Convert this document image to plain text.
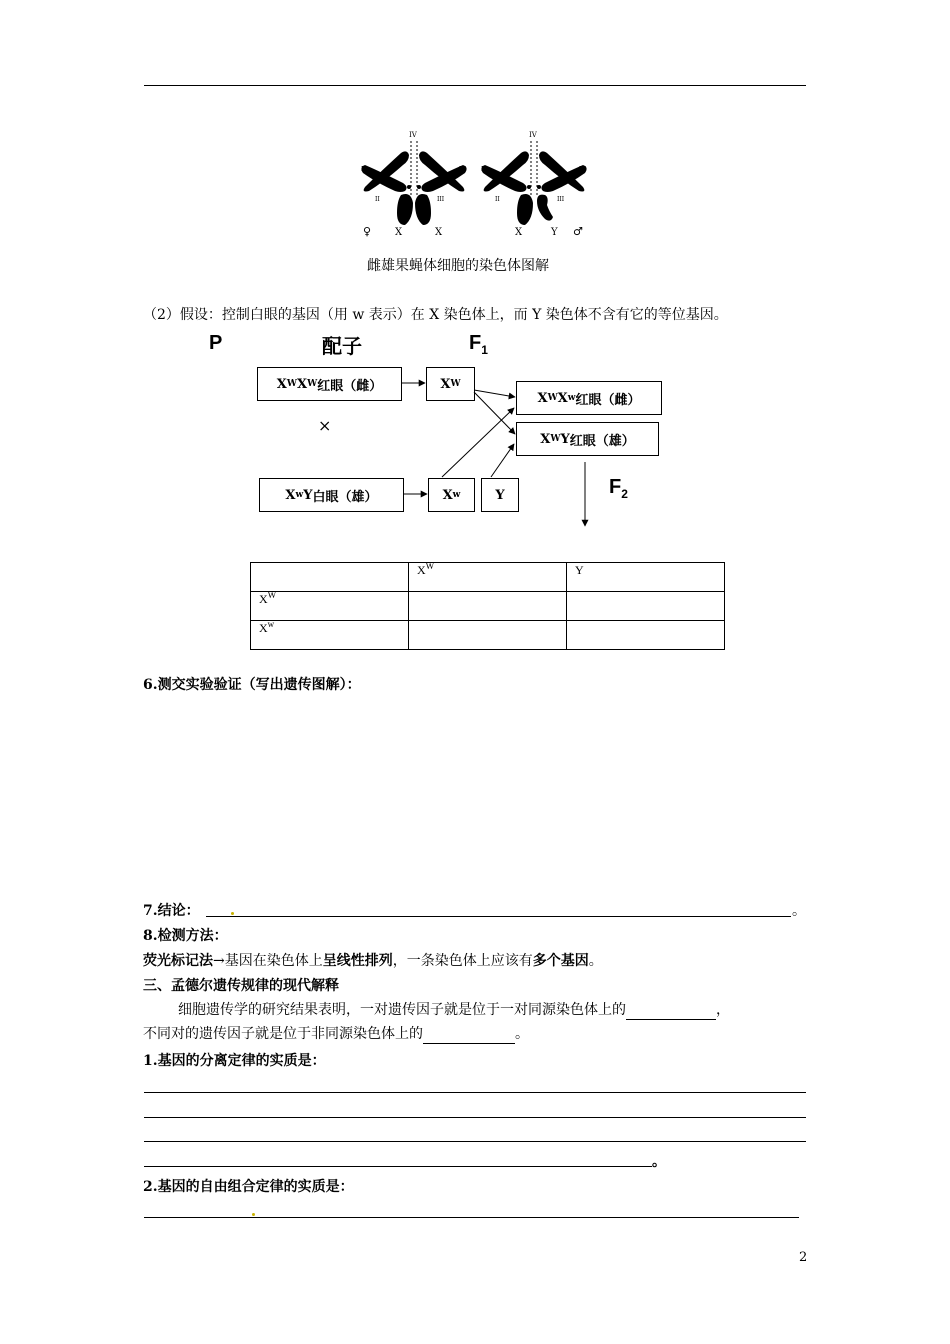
IV
II	III
II	III
♀ X	X
IV
II	III
II	III
X	Y ♂
雌雄果蝇体细胞的染色体图解
（2）假设：控制白眼的基因（用 w 表示）在 X 染色体上，而 Y 染色体不含有它的等位基因。
P	配子	$F_1$
X W X W 红眼（雌）	X W
X W X w 红眼（雌）
X W Y 红眼（雄）
×
X w Y 白眼（雄）	X w	Y	$F_2$
	$X^W$	Y
$X^W$		
$X^w$		
6.测交实验验证（写出遗传图解）：
7.结论：	。
8.检测方法：
荧光标记法→基因在染色体上呈线性排列，一条染色体上应该有多个基因。
三、孟德尔遗传规律的现代解释
细胞遗传学的研究结果表明，一对遗传因子就是位于一对同源染色体上的	，
不同对的遗传因子就是位于非同源染色体上的	。
1.基因的分离定律的实质是：
。
2.基因的自由组合定律的实质是：
2
